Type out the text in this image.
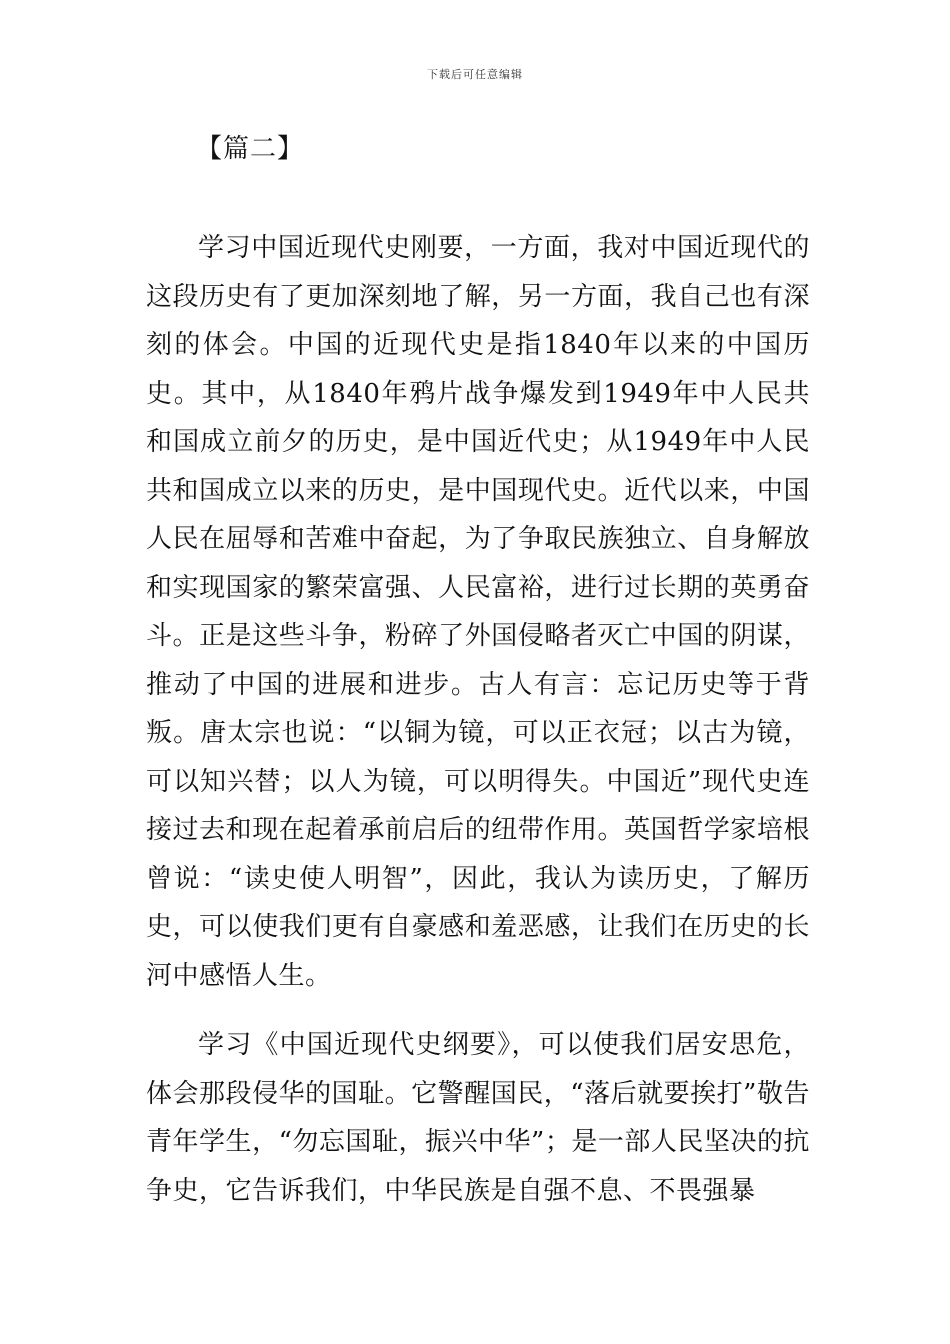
下载后可任意编辑
【篇二】

学习中国近现代史刚要，一方面，我对中国近现代的这段历史有了更加深刻地了解，另一方面，我自己也有深刻的体会。中国的近现代史是指1840年以来的中国历史。其中，从1840年鸦片战争爆发到1949年中人民共和国成立前夕的历史，是中国近代史；从1949年中人民共和国成立以来的历史，是中国现代史。近代以来，中国人民在屈辱和苦难中奋起，为了争取民族独立、自身解放和实现国家的繁荣富强、人民富裕，进行过长期的英勇奋斗。正是这些斗争，粉碎了外国侵略者灭亡中国的阴谋，推动了中国的进展和进步。古人有言：忘记历史等于背叛。唐太宗也说：“以铜为镜，可以正衣冠；以古为镜，可以知兴替；以人为镜，可以明得失。中国近”现代史连接过去和现在起着承前启后的纽带作用。英国哲学家培根曾说：“读史使人明智”，因此，我认为读历史，了解历史，可以使我们更有自豪感和羞恶感，让我们在历史的长河中感悟人生。

学习《中国近现代史纲要》，可以使我们居安思危，体会那段侵华的国耻。它警醒国民，“落后就要挨打”敬告青年学生，“勿忘国耻，振兴中华”；是一部人民坚决的抗争史，它告诉我们，中华民族是自强不息、不畏强暴
